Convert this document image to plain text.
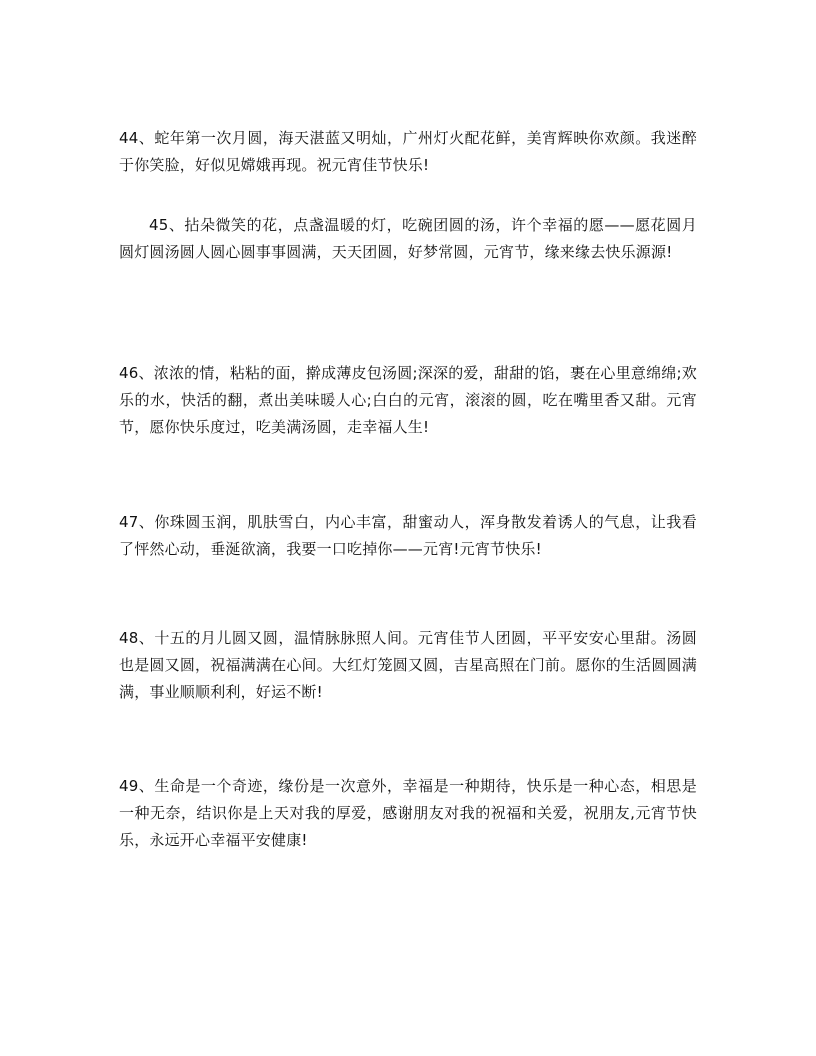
44、蛇年第一次月圆，海天湛蓝又明灿，广州灯火配花鲜，美宵辉映你欢颜。我迷醉于你笑脸，好似见嫦娥再现。祝元宵佳节快乐!

45、拈朵微笑的花，点盏温暖的灯，吃碗团圆的汤，许个幸福的愿——愿花圆月圆灯圆汤圆人圆心圆事事圆满，天天团圆，好梦常圆，元宵节，缘来缘去快乐源源!

46、浓浓的情，粘粘的面，擀成薄皮包汤圆;深深的爱，甜甜的馅，裹在心里意绵绵;欢乐的水，快活的翻，煮出美味暖人心;白白的元宵，滚滚的圆，吃在嘴里香又甜。元宵节，愿你快乐度过，吃美满汤圆，走幸福人生!

47、你珠圆玉润，肌肤雪白，内心丰富，甜蜜动人，浑身散发着诱人的气息，让我看了怦然心动，垂涎欲滴，我要一口吃掉你——元宵!元宵节快乐!

48、十五的月儿圆又圆，温情脉脉照人间。元宵佳节人团圆，平平安安心里甜。汤圆也是圆又圆，祝福满满在心间。大红灯笼圆又圆，吉星高照在门前。愿你的生活圆圆满满，事业顺顺利利，好运不断!

49、生命是一个奇迹，缘份是一次意外，幸福是一种期待，快乐是一种心态，相思是一种无奈，结识你是上天对我的厚爱，感谢朋友对我的祝福和关爱，祝朋友,元宵节快乐，永远开心幸福平安健康!
